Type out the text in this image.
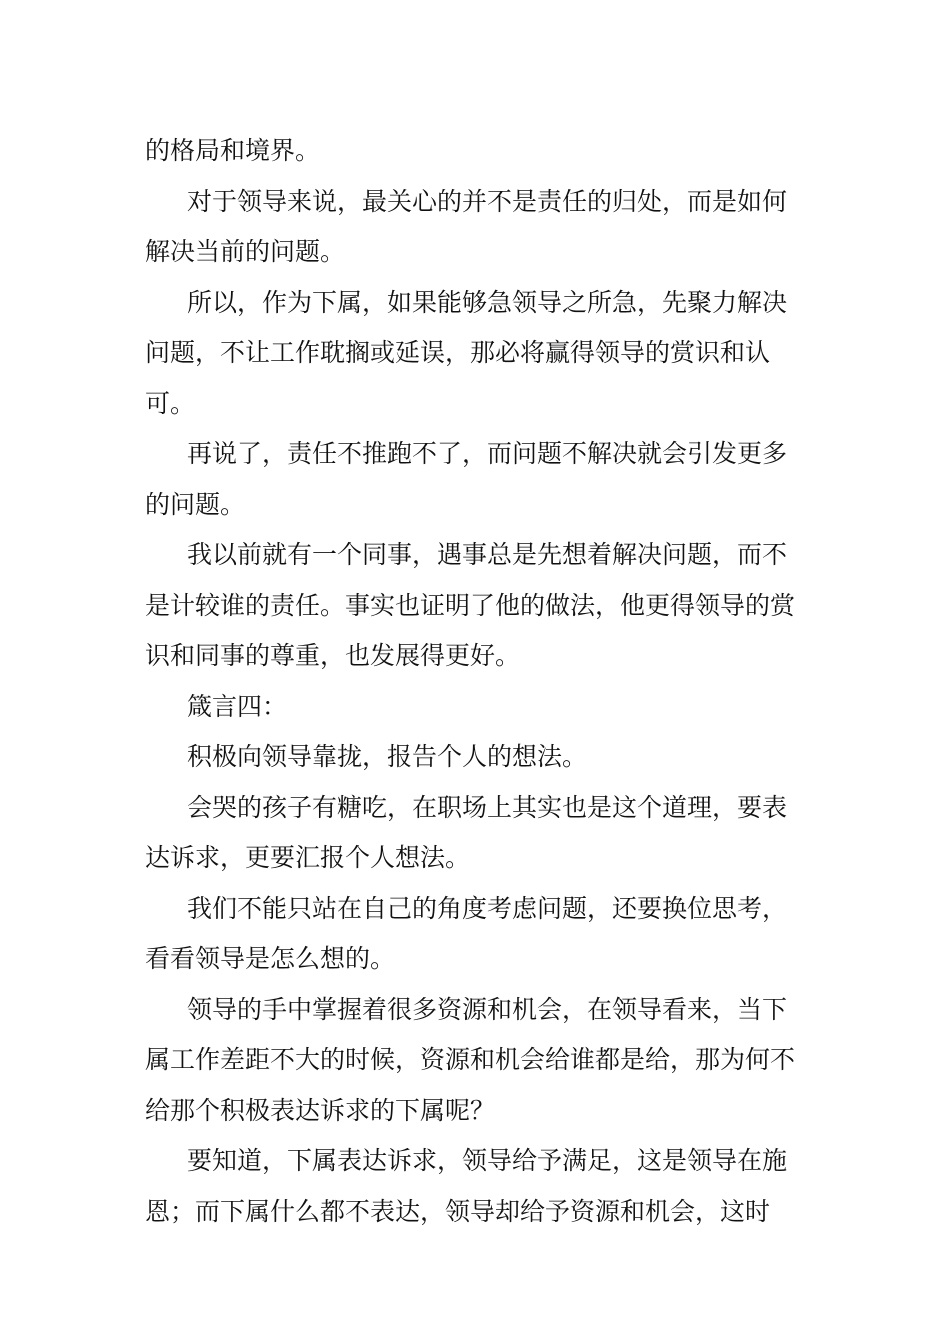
的格局和境界。

对于领导来说，最关心的并不是责任的归处，而是如何解决当前的问题。

所以，作为下属，如果能够急领导之所急，先聚力解决问题，不让工作耽搁或延误，那必将赢得领导的赏识和认可。

再说了，责任不推跑不了，而问题不解决就会引发更多的问题。

我以前就有一个同事，遇事总是先想着解决问题，而不是计较谁的责任。事实也证明了他的做法，他更得领导的赏识和同事的尊重，也发展得更好。

箴言四：

积极向领导靠拢，报告个人的想法。

会哭的孩子有糖吃，在职场上其实也是这个道理，要表达诉求，更要汇报个人想法。

我们不能只站在自己的角度考虑问题，还要换位思考，看看领导是怎么想的。

领导的手中掌握着很多资源和机会，在领导看来，当下属工作差距不大的时候，资源和机会给谁都是给，那为何不给那个积极表达诉求的下属呢？

要知道，下属表达诉求，领导给予满足，这是领导在施恩；而下属什么都不表达，领导却给予资源和机会，这时
